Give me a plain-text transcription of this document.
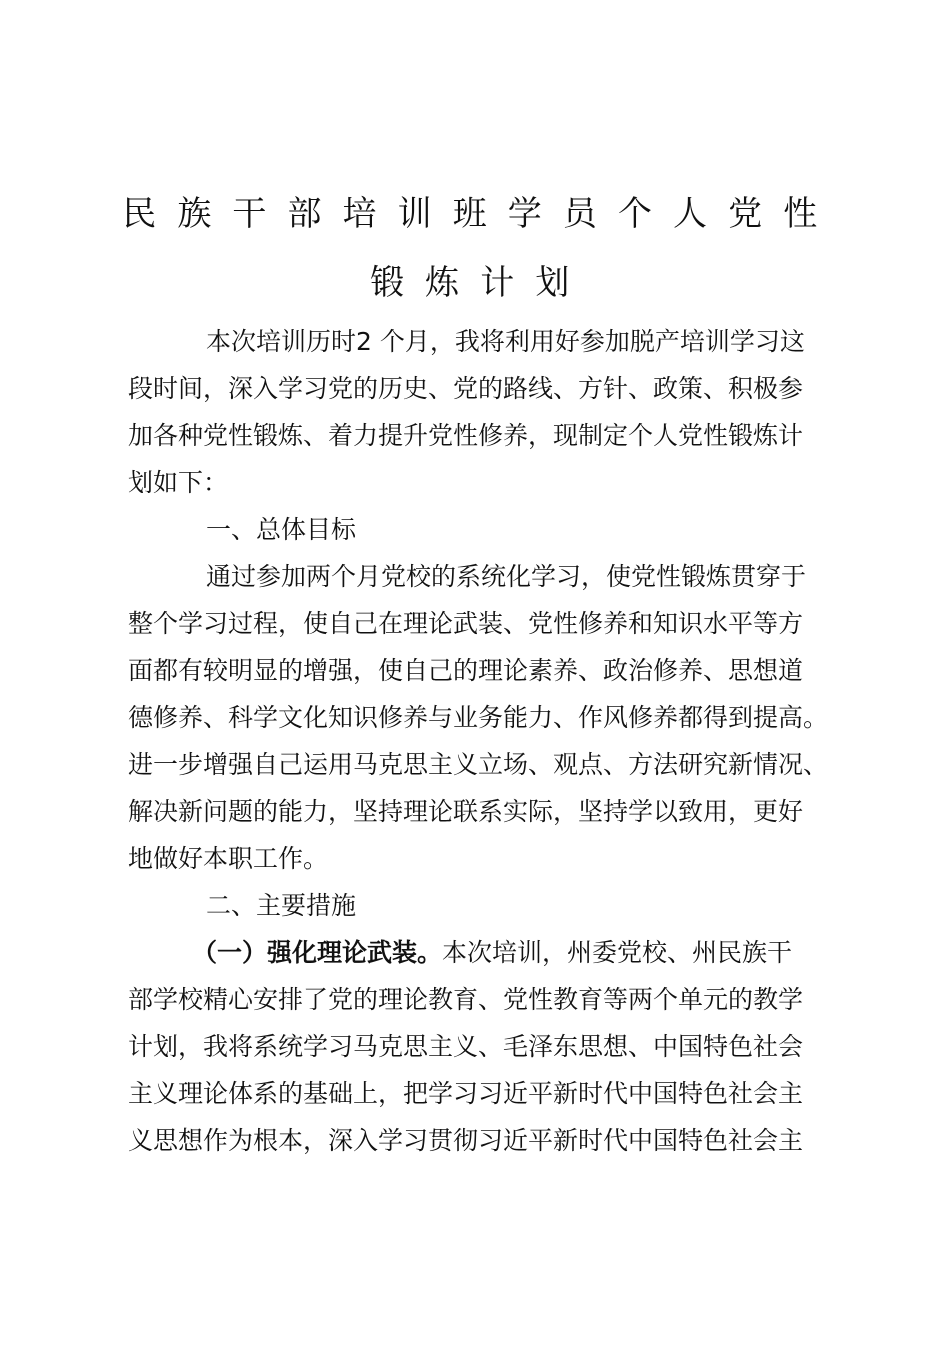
民族干部培训班学员个人党性
锻炼计划
本次培训历时2 个月，我将利用好参加脱产培训学习这
段时间，深入学习党的历史、党的路线、方针、政策、积极参
加各种党性锻炼、着力提升党性修养，现制定个人党性锻炼计
划如下：
一、总体目标
通过参加两个月党校的系统化学习，使党性锻炼贯穿于
整个学习过程，使自己在理论武装、党性修养和知识水平等方
面都有较明显的增强，使自己的理论素养、政治修养、思想道
德修养、科学文化知识修养与业务能力、作风修养都得到提高。
进一步增强自己运用马克思主义立场、观点、方法研究新情况、
解决新问题的能力，坚持理论联系实际，坚持学以致用，更好
地做好本职工作。
二、主要措施
（一）强化理论武装。本次培训，州委党校、州民族干
部学校精心安排了党的理论教育、党性教育等两个单元的教学
计划，我将系统学习马克思主义、毛泽东思想、中国特色社会
主义理论体系的基础上，把学习习近平新时代中国特色社会主
义思想作为根本，深入学习贯彻习近平新时代中国特色社会主
